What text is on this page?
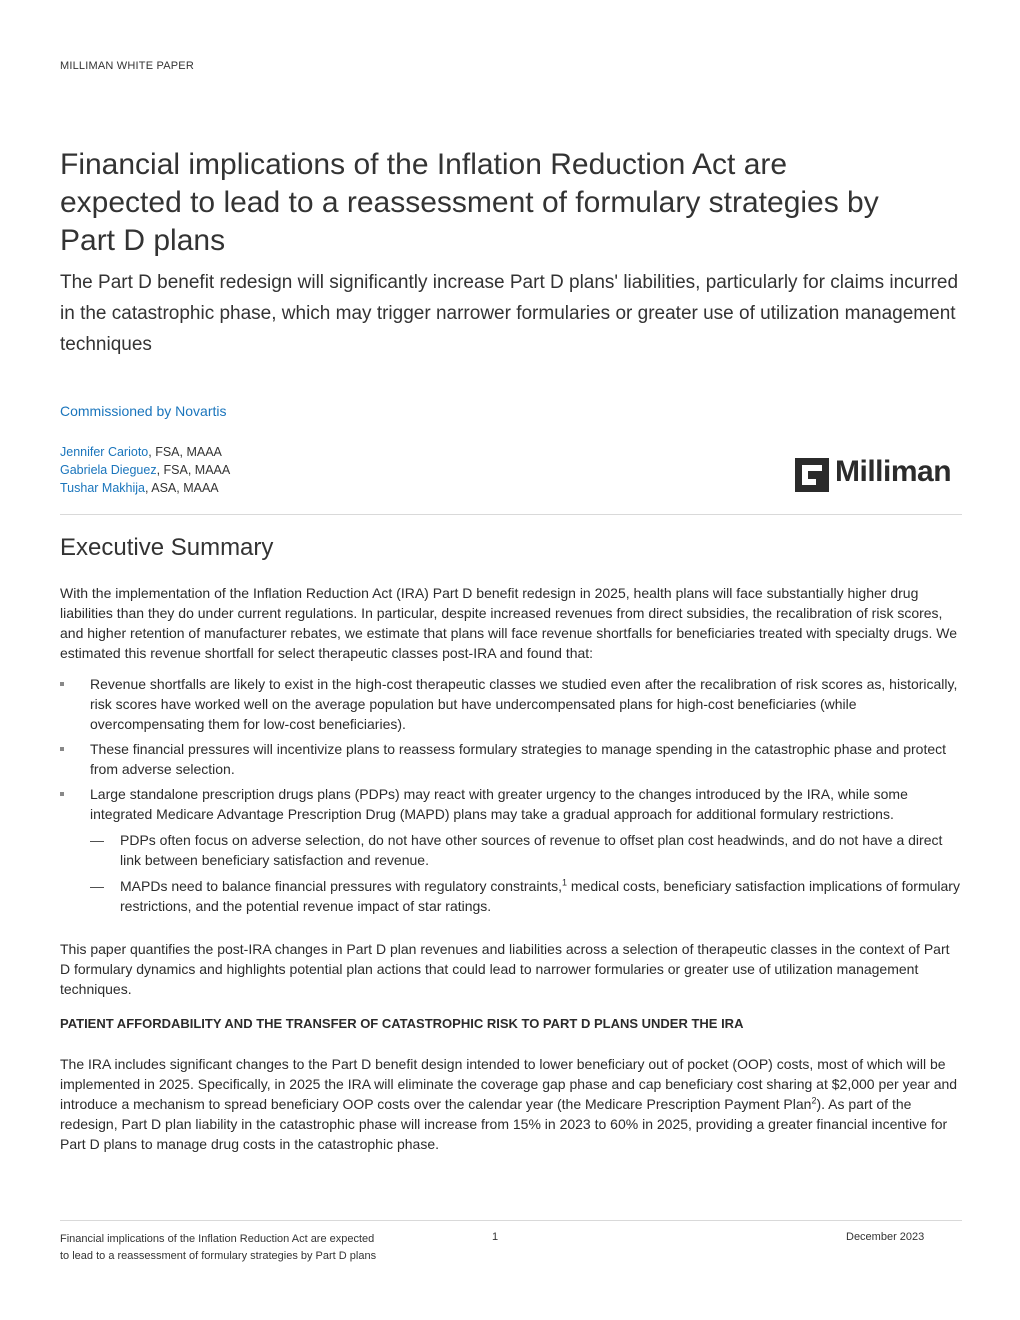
MILLIMAN WHITE PAPER
Financial implications of the Inflation Reduction Act are expected to lead to a reassessment of formulary strategies by Part D plans

The Part D benefit redesign will significantly increase Part D plans' liabilities, particularly for claims incurred in the catastrophic phase, which may trigger narrower formularies or greater use of utilization management techniques

Commissioned by Novartis
Jennifer Carioto, FSA, MAAA
Gabriela Dieguez, FSA, MAAA
Tushar Makhija, ASA, MAAA	Milliman
Executive Summary

With the implementation of the Inflation Reduction Act (IRA) Part D benefit redesign in 2025, health plans will face substantially higher drug liabilities than they do under current regulations. In particular, despite increased revenues from direct subsidies, the recalibration of risk scores, and higher retention of manufacturer rebates, we estimate that plans will face revenue shortfalls for beneficiaries treated with specialty drugs. We estimated this revenue shortfall for select therapeutic classes post-IRA and found that:

Revenue shortfalls are likely to exist in the high-cost therapeutic classes we studied even after the recalibration of risk scores as, historically, risk scores have worked well on the average population but have undercompensated plans for high-cost beneficiaries (while overcompensating them for low-cost beneficiaries).
These financial pressures will incentivize plans to reassess formulary strategies to manage spending in the catastrophic phase and protect from adverse selection.
Large standalone prescription drugs plans (PDPs) may react with greater urgency to the changes introduced by the IRA, while some integrated Medicare Advantage Prescription Drug (MAPD) plans may take a gradual approach for additional formulary restrictions.
— PDPs often focus on adverse selection, do not have other sources of revenue to offset plan cost headwinds, and do not have a direct link between beneficiary satisfaction and revenue.
— MAPDs need to balance financial pressures with regulatory constraints,$^1$ medical costs, beneficiary satisfaction implications of formulary restrictions, and the potential revenue impact of star ratings.

This paper quantifies the post-IRA changes in Part D plan revenues and liabilities across a selection of therapeutic classes in the context of Part D formulary dynamics and highlights potential plan actions that could lead to narrower formularies or greater use of utilization management techniques.

PATIENT AFFORDABILITY AND THE TRANSFER OF CATASTROPHIC RISK TO PART D PLANS UNDER THE IRA

The IRA includes significant changes to the Part D benefit design intended to lower beneficiary out of pocket (OOP) costs, most of which will be implemented in 2025. Specifically, in 2025 the IRA will eliminate the coverage gap phase and cap beneficiary cost sharing at $2,000 per year and introduce a mechanism to spread beneficiary OOP costs over the calendar year (the Medicare Prescription Payment Plan$^2$). As part of the redesign, Part D plan liability in the catastrophic phase will increase from 15% in 2023 to 60% in 2025, providing a greater financial incentive for Part D plans to manage drug costs in the catastrophic phase.

Financial implications of the Inflation Reduction Act are expected
to lead to a reassessment of formulary strategies by Part D plans
1	December 2023
